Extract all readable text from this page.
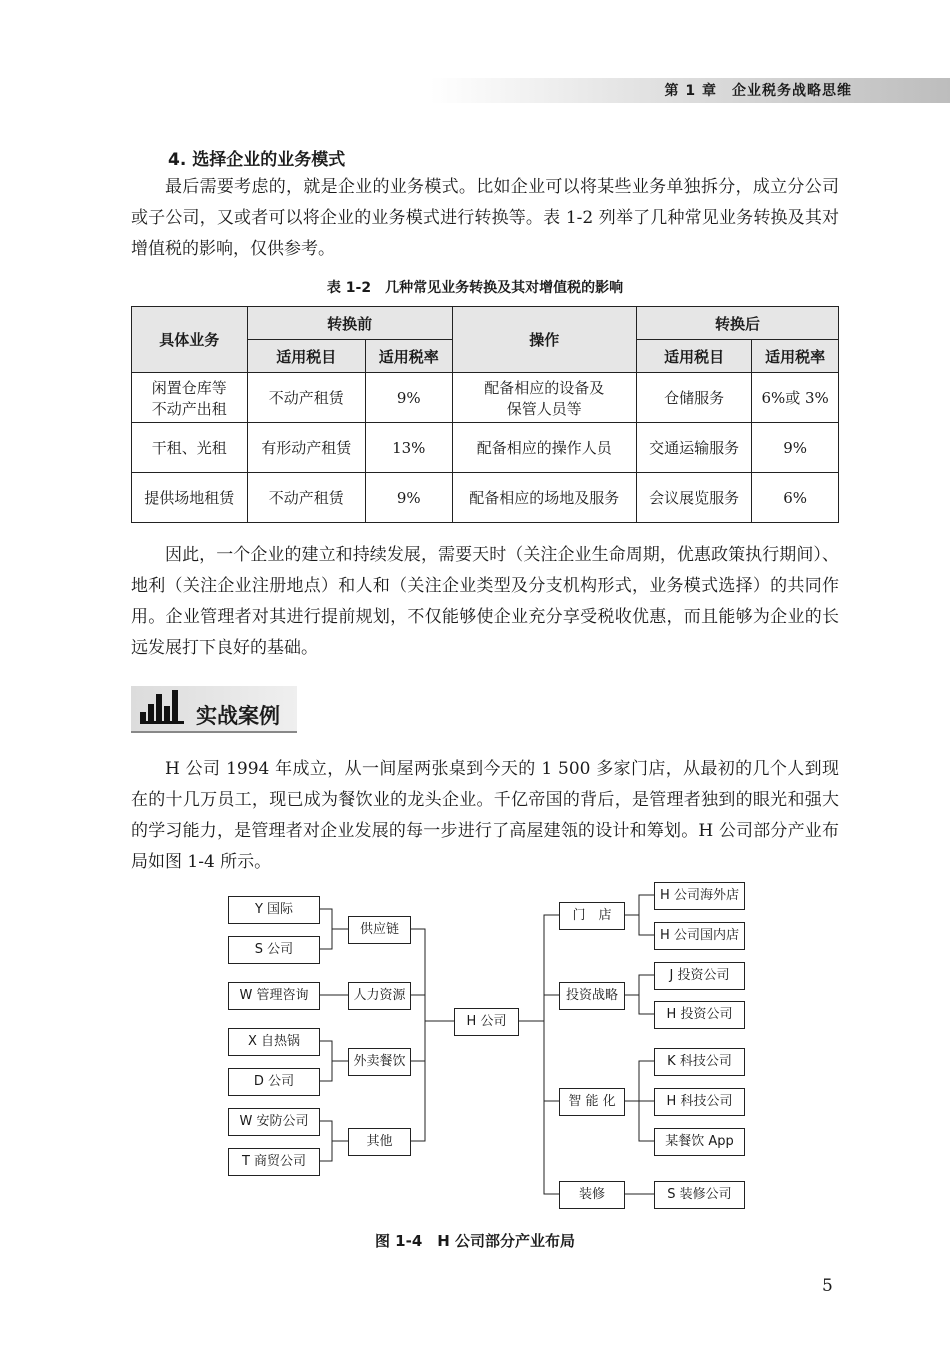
第 1 章　企业税务战略思维
4. 选择企业的业务模式
最后需要考虑的，就是企业的业务模式。比如企业可以将某些业务单独拆分，成立分公司或子公司，又或者可以将企业的业务模式进行转换等。表 1-2 列举了几种常见业务转换及其对增值税的影响，仅供参考。
表 1-2　几种常见业务转换及其对增值税的影响
具体业务	转换前		操作	转换后	
	适用税目	适用税率		适用税目	适用税率
闲置仓库等不动产出租	不动产租赁	9%	配备相应的设备及保管人员等	仓储服务	6%或 3%
干租、光租	有形动产租赁	13%	配备相应的操作人员	交通运输服务	9%
提供场地租赁	不动产租赁	9%	配备相应的场地及服务	会议展览服务	6%
因此，一个企业的建立和持续发展，需要天时（关注企业生命周期，优惠政策执行期间）、地利（关注企业注册地点）和人和（关注企业类型及分支机构形式，业务模式选择）的共同作用。企业管理者对其进行提前规划，不仅能够使企业充分享受税收优惠，而且能够为企业的长远发展打下良好的基础。
实战案例
H 公司 1994 年成立，从一间屋两张桌到今天的 1 500 多家门店，从最初的几个人到现在的十几万员工，现已成为餐饮业的龙头企业。千亿帝国的背后，是管理者独到的眼光和强大的学习能力，是管理者对企业发展的每一步进行了高屋建瓴的设计和筹划。H 公司部分产业布局如图 1-4 所示。
Y 国际
S 公司
W 管理咨询
X 自热锅
D 公司
W 安防公司
T 商贸公司
供应链
人力资源
外卖餐饮
其他
H 公司
门　店
投资战略
智 能 化
装修
H 公司海外店
H 公司国内店
J 投资公司
H 投资公司
K 科技公司
H 科技公司
某餐饮 App
S 装修公司
图 1-4　H 公司部分产业布局
5
